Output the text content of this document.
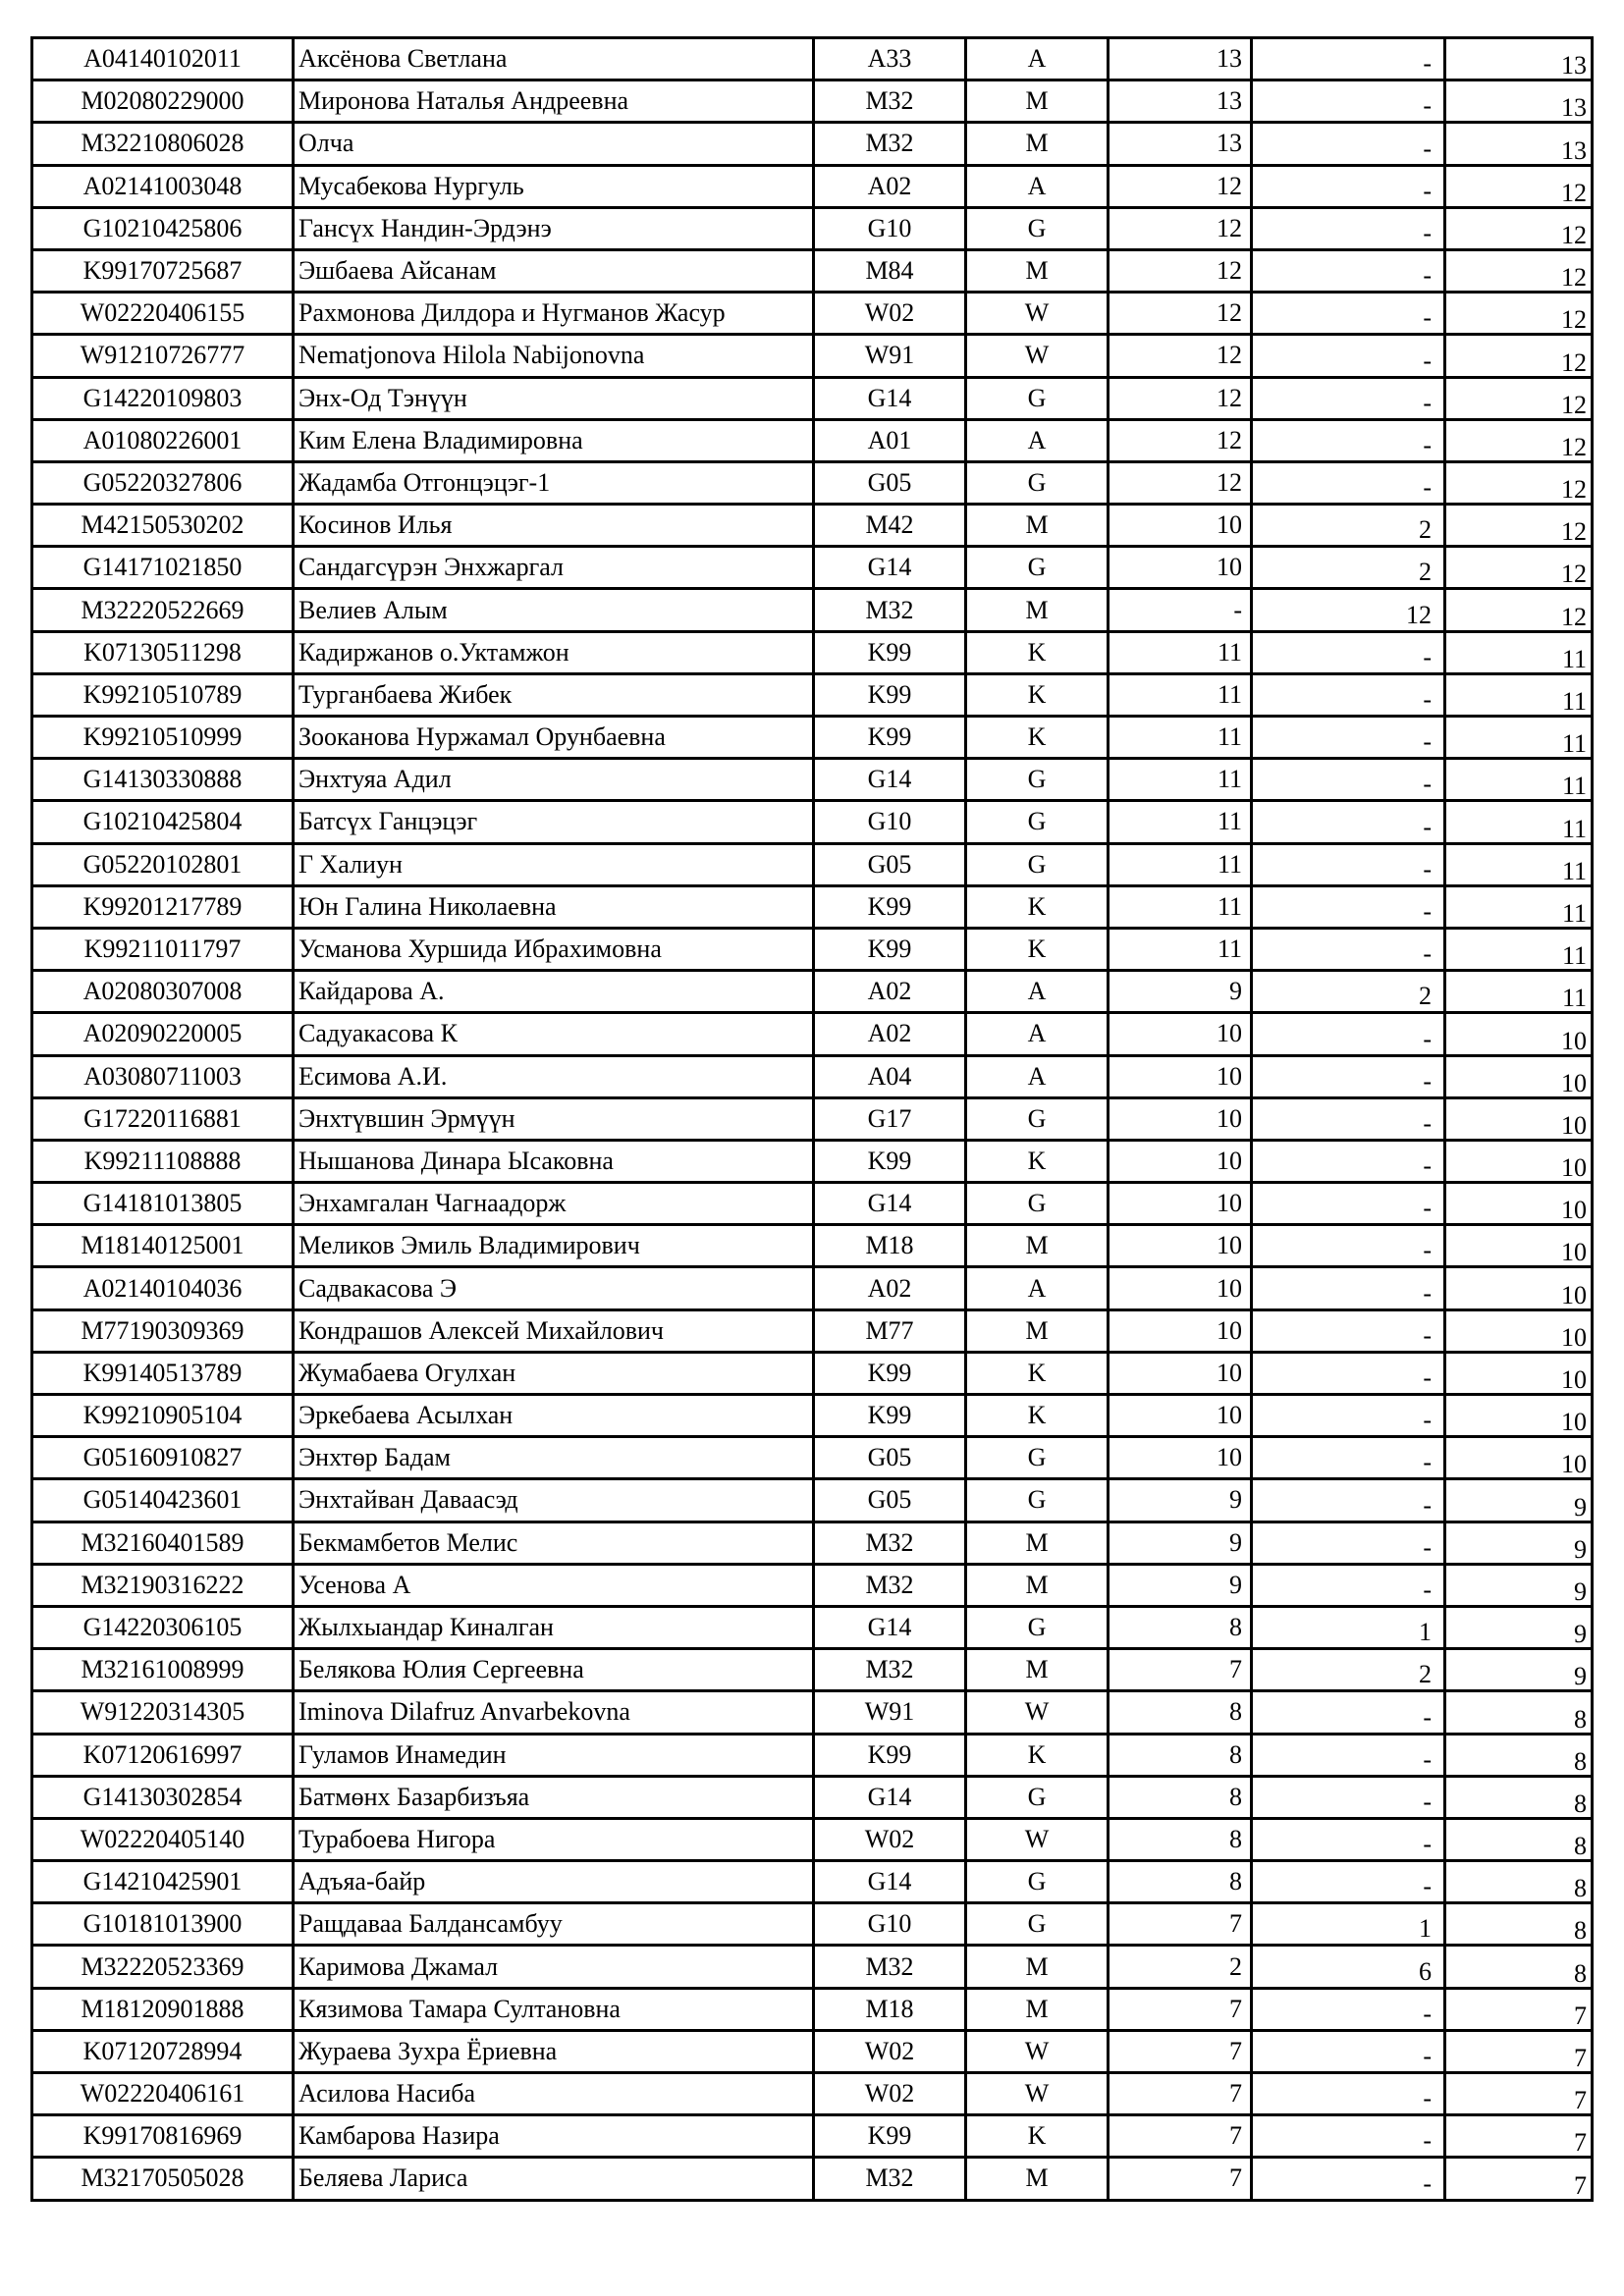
A04140102011	Аксёнова Светлана	A33	A	13	-	13
M02080229000	Миронова Наталья Андреевна	M32	M	13	-	13
M32210806028	Олча	M32	M	13	-	13
A02141003048	Мусабекова Нургуль	A02	A	12	-	12
G10210425806	Гансүх Нандин-Эрдэнэ	G10	G	12	-	12
K99170725687	Эшбаева Айсанам	M84	M	12	-	12
W02220406155	Рахмонова Дилдора и Нугманов Жасур	W02	W	12	-	12
W91210726777	Nematjonova Hilola Nabijonovna	W91	W	12	-	12
G14220109803	Энх-Од Тэнүүн	G14	G	12	-	12
A01080226001	Ким Елена Владимировна	A01	A	12	-	12
G05220327806	Жадамба Отгонцэцэг-1	G05	G	12	-	12
M42150530202	Косинов Илья	M42	M	10	2	12
G14171021850	Сандагсүрэн Энхжаргал	G14	G	10	2	12
M32220522669	Велиев Алым	M32	M	-	12	12
K07130511298	Кадиржанов о.Уктамжон	K99	K	11	-	11
K99210510789	Турганбаева Жибек	K99	K	11	-	11
K99210510999	Зооканова Нуржамал Орунбаевна	K99	K	11	-	11
G14130330888	Энхтуяа Адил	G14	G	11	-	11
G10210425804	Батсүх Ганцэцэг	G10	G	11	-	11
G05220102801	Г Халиун	G05	G	11	-	11
K99201217789	Юн Галина Николаевна	K99	K	11	-	11
K99211011797	Усманова Хуршида Ибрахимовна	K99	K	11	-	11
A02080307008	Кайдарова А.	A02	A	9	2	11
A02090220005	Садуакасова К	A02	A	10	-	10
A03080711003	Есимова А.И.	A04	A	10	-	10
G17220116881	Энхтүвшин Эрмүүн	G17	G	10	-	10
K99211108888	Нышанова Динара Ысаковна	K99	K	10	-	10
G14181013805	Энхамгалан Чагнаадорж	G14	G	10	-	10
M18140125001	Меликов Эмиль Владимирович	M18	M	10	-	10
A02140104036	Садвакасова Э	A02	A	10	-	10
M77190309369	Кондрашов Алексей Михайлович	M77	M	10	-	10
K99140513789	Жумабаева Огулхан	K99	K	10	-	10
K99210905104	Эркебаева Асылхан	K99	K	10	-	10
G05160910827	Энхтөр Бадам	G05	G	10	-	10
G05140423601	Энхтайван Даваасэд	G05	G	9	-	9
M32160401589	Бекмамбетов Мелис	M32	M	9	-	9
M32190316222	Усенова А	M32	M	9	-	9
G14220306105	Жылхыандар Киналган	G14	G	8	1	9
M32161008999	Белякова Юлия Сергеевна	M32	M	7	2	9
W91220314305	Iminova Dilafruz Anvarbekovna	W91	W	8	-	8
K07120616997	Гуламов Инамедин	K99	K	8	-	8
G14130302854	Батмөнх Базарбизъяа	G14	G	8	-	8
W02220405140	Турабоева Нигора	W02	W	8	-	8
G14210425901	Адъяа-байр	G14	G	8	-	8
G10181013900	Ращдаваа Балдансамбуу	G10	G	7	1	8
M32220523369	Каримова Джамал	M32	M	2	6	8
M18120901888	Кязимова Тамара Султановна	M18	M	7	-	7
K07120728994	Жураева Зухра Ёриевна	W02	W	7	-	7
W02220406161	Асилова Насиба	W02	W	7	-	7
K99170816969	Камбарова Назира	K99	K	7	-	7
M32170505028	Беляева Лариса	M32	M	7	-	7
